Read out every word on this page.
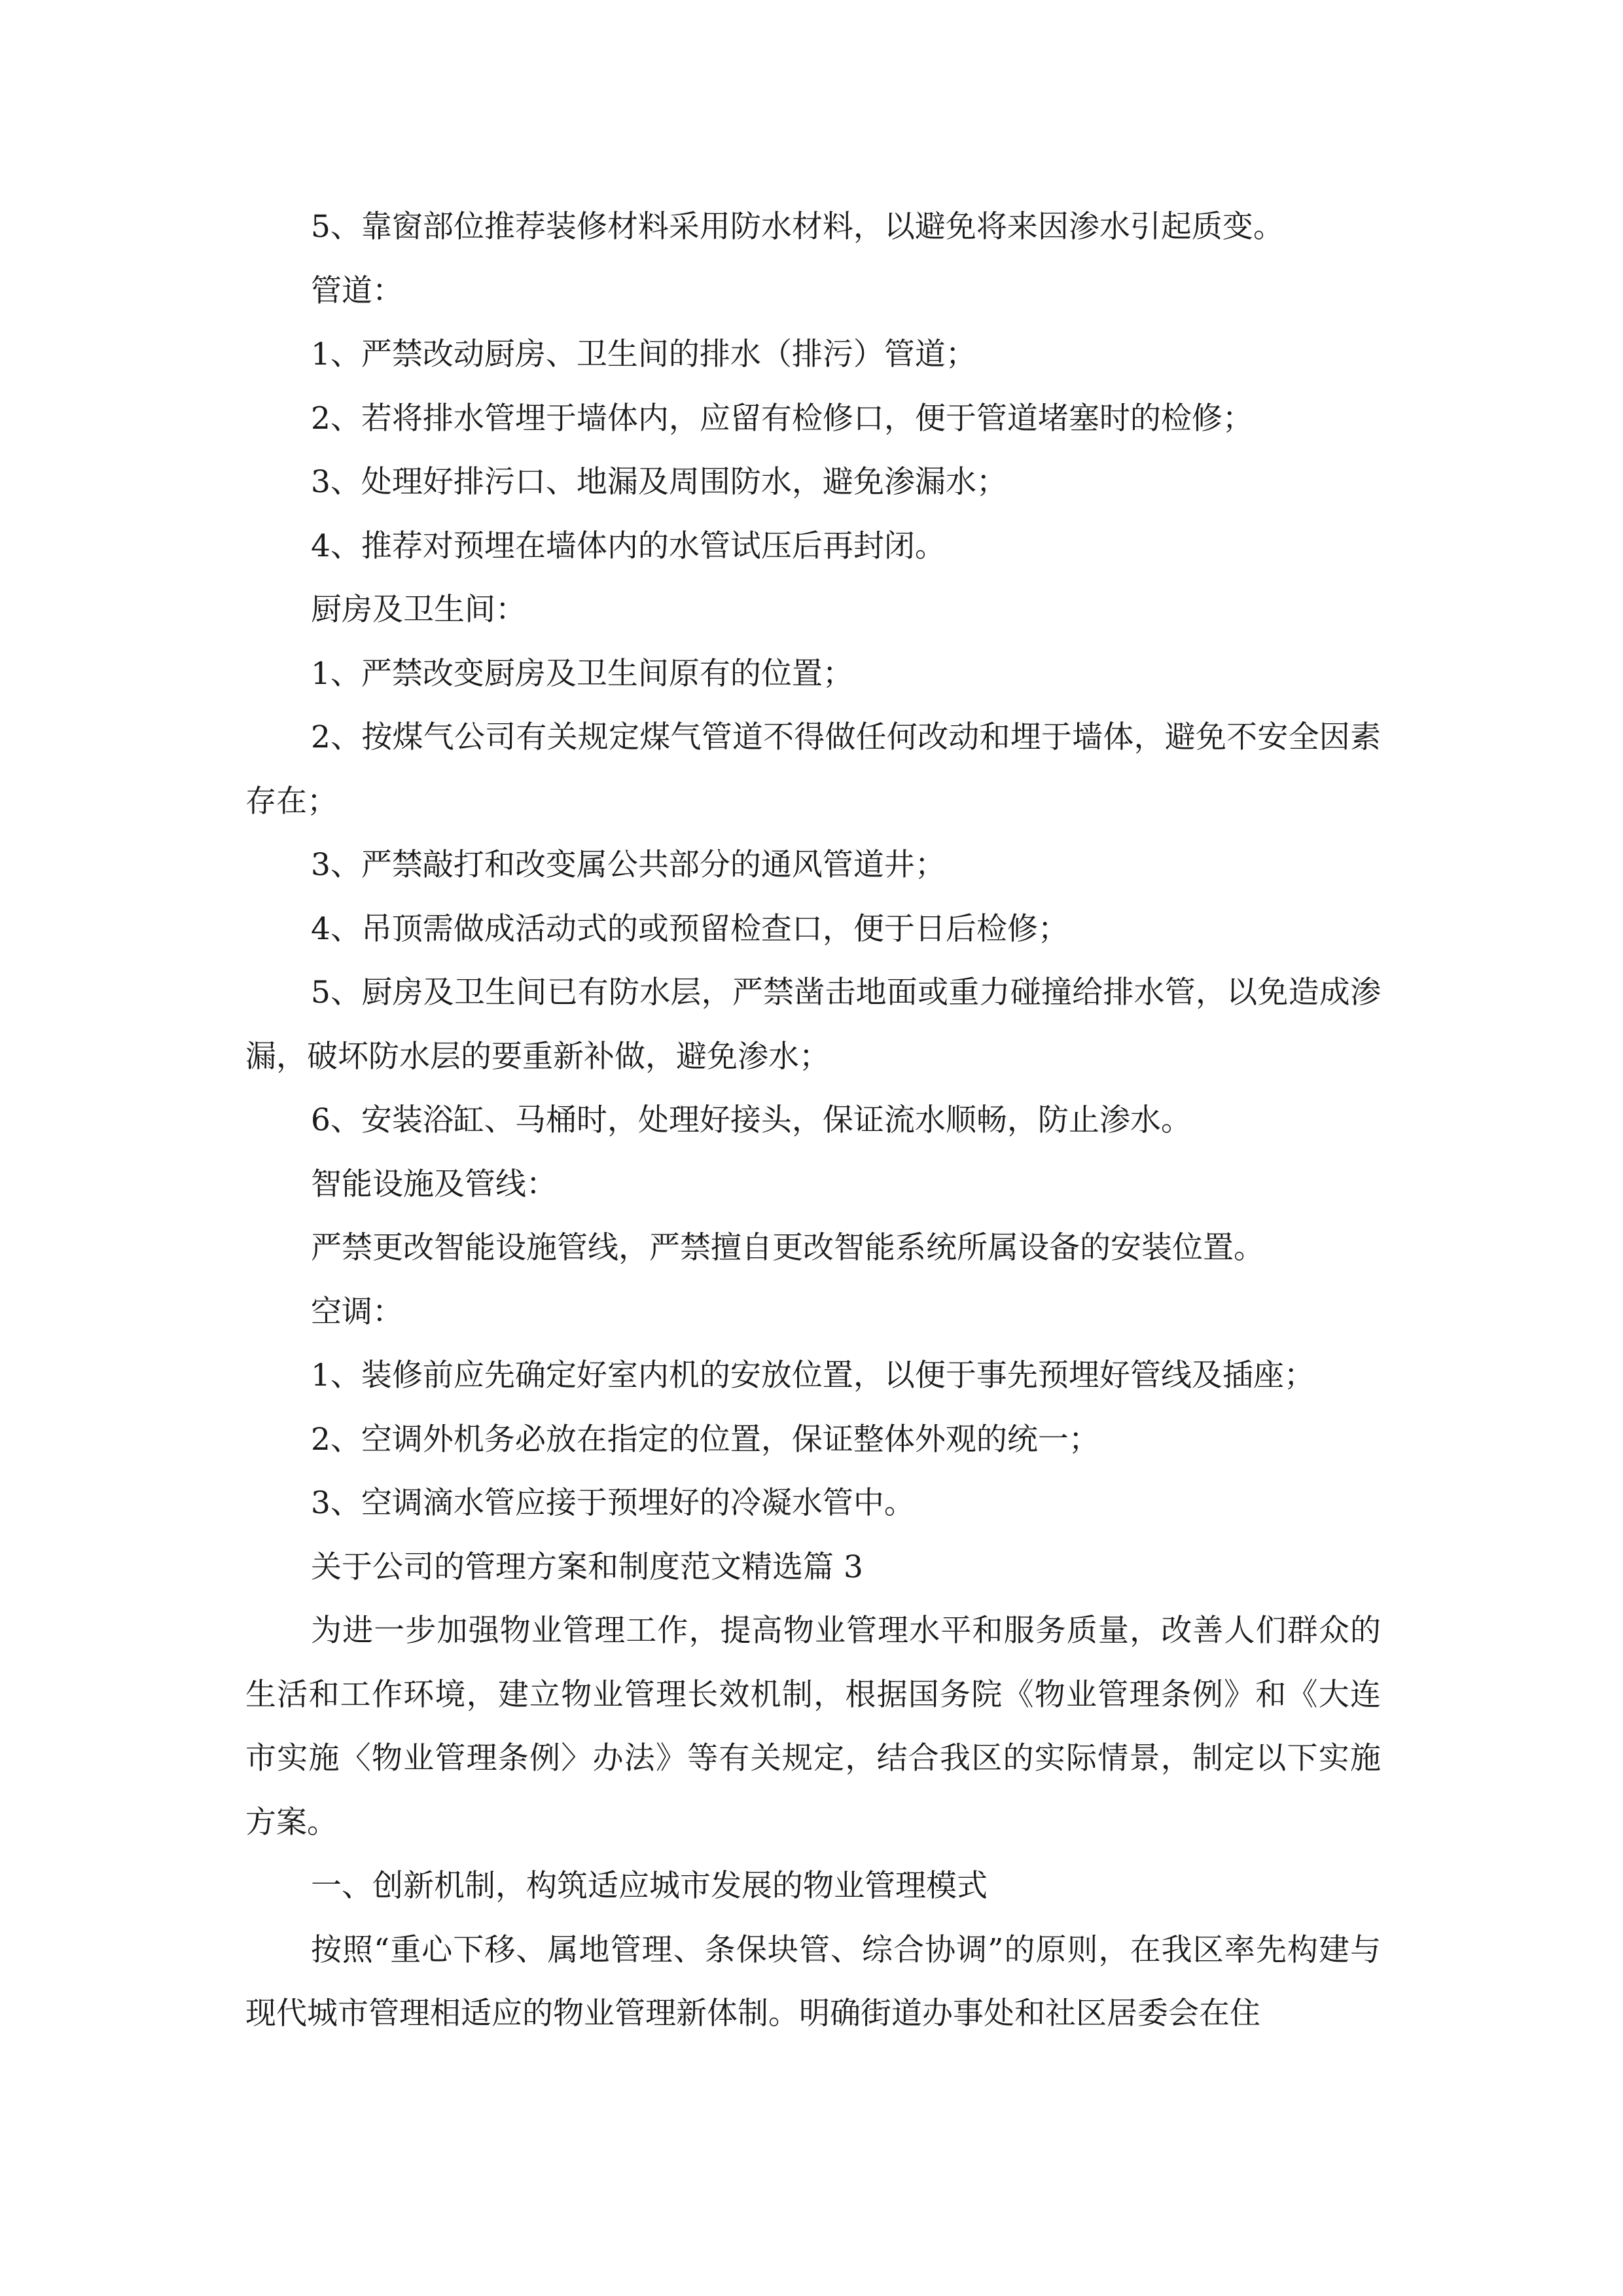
5、靠窗部位推荐装修材料采用防水材料，以避免将来因渗水引起质变。

管道：

1、严禁改动厨房、卫生间的排水（排污）管道；

2、若将排水管埋于墙体内，应留有检修口，便于管道堵塞时的检修；

3、处理好排污口、地漏及周围防水，避免渗漏水；

4、推荐对预埋在墙体内的水管试压后再封闭。

厨房及卫生间：

1、严禁改变厨房及卫生间原有的位置；

2、按煤气公司有关规定煤气管道不得做任何改动和埋于墙体，避免不安全因素存在；

3、严禁敲打和改变属公共部分的通风管道井；

4、吊顶需做成活动式的或预留检查口，便于日后检修；

5、厨房及卫生间已有防水层，严禁凿击地面或重力碰撞给排水管，以免造成渗漏，破坏防水层的要重新补做，避免渗水；

6、安装浴缸、马桶时，处理好接头，保证流水顺畅，防止渗水。

智能设施及管线：

严禁更改智能设施管线，严禁擅自更改智能系统所属设备的安装位置。

空调：

1、装修前应先确定好室内机的安放位置，以便于事先预埋好管线及插座；

2、空调外机务必放在指定的位置，保证整体外观的统一；

3、空调滴水管应接于预埋好的冷凝水管中。

关于公司的管理方案和制度范文精选篇 3

为进一步加强物业管理工作，提高物业管理水平和服务质量，改善人们群众的生活和工作环境，建立物业管理长效机制，根据国务院《物业管理条例》和《大连市实施〈物业管理条例〉办法》等有关规定，结合我区的实际情景，制定以下实施方案。

一、创新机制，构筑适应城市发展的物业管理模式

按照“重心下移、属地管理、条保块管、综合协调”的原则，在我区率先构建与现代城市管理相适应的物业管理新体制。明确街道办事处和社区居委会在住
